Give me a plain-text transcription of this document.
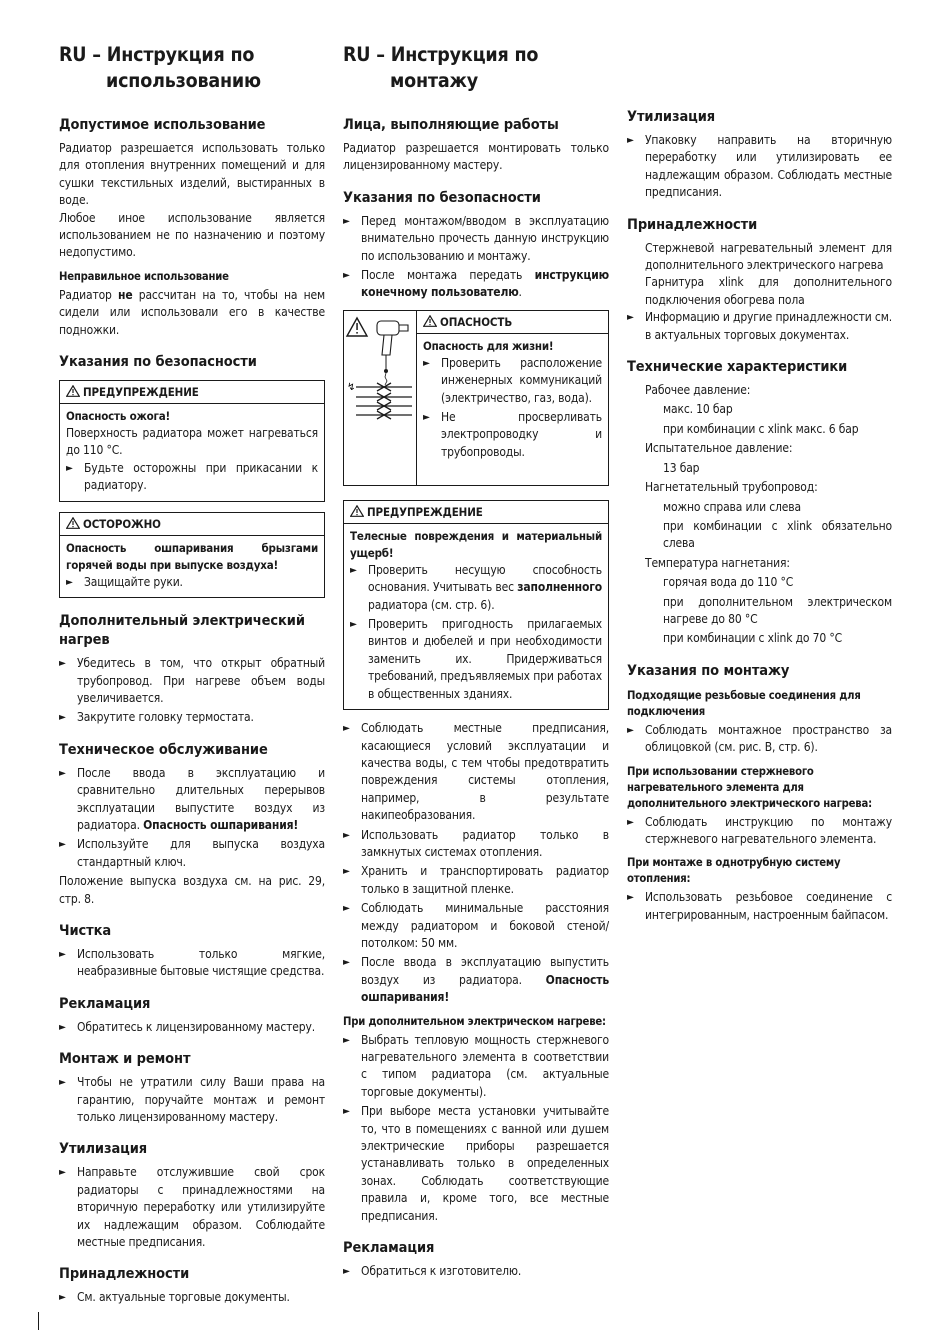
RU – Инструкция по
использованию
Допустимое использование

Радиатор разрешается использовать только для отопления внутренних помещений и для сушки текстильных изделий, выстиранных в воде.

Любое иное использование является использованием не по назначению и поэтому недопустимо.

Неправильное использование

Радиатор не рассчитан на то, чтобы на нем сидели или использовали его в качестве подножки.

Указания по безопасности
ПРЕДУПРЕЖДЕНИЕ
Опасность ожога!

Поверхность радиатора может нагреваться до 110 °C.

► Будьте осторожны при прикасании к радиатору.
ОСТОРОЖНО
Опасность ошпаривания брызгами горячей воды при выпуске воздуха!
► Защищайте руки.
Дополнительный электрический нагрев
► Убедитесь в том, что открыт обратный трубопровод. При нагреве объем воды увеличивается.
► Закрутите головку термостата.
Техническое обслуживание
► После ввода в эксплуатацию и сравнительно длительных перерывов эксплуатации выпустите воздух из радиатора. Опасность ошпаривания!
► Используйте для выпуска воздуха стандартный ключ.

Положение выпуска воздуха см. на рис. 29, стр. 8.

Чистка
► Использовать только мягкие, неабразивные бытовые чистящие средства.
Рекламация
► Обратитесь к лицензированному мастеру.
Монтаж и ремонт
► Чтобы не утратили силу Ваши права на гарантию, поручайте монтаж и ремонт только лицензированному мастеру.
Утилизация
► Направьте отслужившие свой срок радиаторы с принадлежностями на вторичную переработку или утилизируйте их надлежащим образом. Соблюдайте местные предписания.
Принадлежности
► См. актуальные торговые документы.
RU – Инструкция по
монтажу
Лица, выполняющие работы

Радиатор разрешается монтировать только лицензированному мастеру.

Указания по безопасности
► Перед монтажом/вводом в эксплуатацию внимательно прочесть данную инструкцию по использованию и монтажу.
► После монтажа передать инструкцию конечному пользователю.
↯
ОПАСНОСТЬ
Опасность для жизни!
► Проверить расположение инженерных коммуникаций (электричество, газ, вода).
► Не просверливать электропроводку и трубопроводы.
ПРЕДУПРЕЖДЕНИЕ
Телесные повреждения и материальный ущерб!
► Проверить несущую способность основания. Учитывать вес заполненного радиатора (см. стр. 6).
► Проверить пригодность прилагаемых винтов и дюбелей и при необходимости заменить их. Придерживаться требований, предъявляемых при работах в общественных зданиях.
► Соблюдать местные предписания, касающиеся условий эксплуатации и качества воды, с тем чтобы предотвратить повреждения системы отопления, например, в результате накипеобразования.
► Использовать радиатор только в замкнутых системах отопления.
► Хранить и транспортировать радиатор только в защитной пленке.
► Соблюдать минимальные расстояния между радиатором и боковой стеной/потолком: 50 мм.
► После ввода в эксплуатацию выпустить воздух из радиатора. Опасность ошпаривания!
При дополнительном электрическом нагреве:
► Выбрать тепловую мощность стержневого нагревательного элемента в соответствии с типом радиатора (см. актуальные торговые документы).
► При выборе места установки учитывайте то, что в помещениях с ванной или душем электрические приборы разрешается устанавливать только в определенных зонах. Соблюдать соответствующие правила и, кроме того, все местные предписания.
Рекламация
► Обратиться к изготовителю.
Утилизация
► Упаковку направить на вторичную переработку или утилизировать ее надлежащим образом. Соблюдать местные предписания.
Принадлежности

Стержневой нагревательный элемент для дополнительного электрического нагрева

Гарнитура xlink для дополнительного подключения обогрева пола

► Информацию и другие принадлежности см. в актуальных торговых документах.
Технические характеристики

Рабочее давление:

макс. 10 бар

при комбинации с xlink макс. 6 бар

Испытательное давление:

13 бар

Нагнетательный трубопровод:

можно справа или слева

при комбинации с xlink обязательно слева

Температура нагнетания:

горячая вода до 110 °C

при дополнительном электрическом нагреве до 80 °C

при комбинации с xlink до 70 °C

Указания по монтажу
Подходящие резьбовые соединения для подключения
► Соблюдать монтажное пространство за облицовкой (см. рис. B, стр. 6).
При использовании стержневого нагревательного элемента для дополнительного электрического нагрева:
► Соблюдать инструкцию по монтажу стержневого нагревательного элемента.
При монтаже в однотрубную систему отопления:
► Использовать резьбовое соединение с интегрированным, настроенным байпасом.
